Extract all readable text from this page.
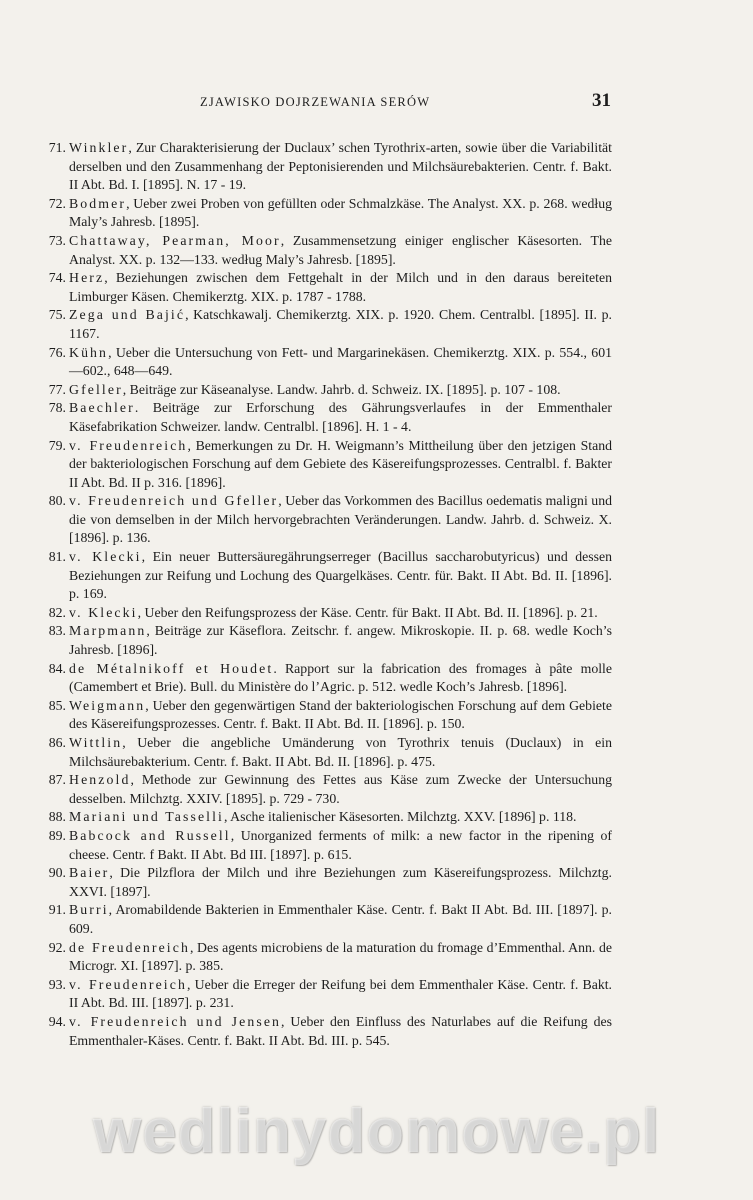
ZJAWISKO DOJRZEWANIA SERÓW	31
71. Winkler, Zur Charakterisierung der Duclaux’ schen Tyrothrix-arten, sowie über die Variabilität derselben und den Zusammenhang der Peptonisierenden und Milchsäurebakterien. Centr. f. Bakt. II Abt. Bd. I. [1895]. N. 17 - 19.
72. Bodmer, Ueber zwei Proben von gefüllten oder Schmalzkäse. The Analyst. XX. p. 268. według Maly’s Jahresb. [1895].
73. Chattaway, Pearman, Moor, Zusammensetzung einiger englischer Käsesorten. The Analyst. XX. p. 132—133. według Maly’s Jahresb. [1895].
74. Herz, Beziehungen zwischen dem Fettgehalt in der Milch und in den daraus bereiteten Limburger Käsen. Chemikerztg. XIX. p. 1787 - 1788.
75. Zega und Bajić, Katschkawalj. Chemikerztg. XIX. p. 1920. Chem. Centralbl. [1895]. II. p. 1167.
76. Kühn, Ueber die Untersuchung von Fett- und Margarinekäsen. Chemikerztg. XIX. p. 554., 601—602., 648—649.
77. Gfeller, Beiträge zur Käseanalyse. Landw. Jahrb. d. Schweiz. IX. [1895]. p. 107 - 108.
78. Baechler. Beiträge zur Erforschung des Gährungsverlaufes in der Emmenthaler Käsefabrikation Schweizer. landw. Centralbl. [1896]. H. 1 - 4.
79. v. Freudenreich, Bemerkungen zu Dr. H. Weigmann’s Mittheilung über den jetzigen Stand der bakteriologischen Forschung auf dem Gebiete des Käsereifungsprozesses. Centralbl. f. Bakter II Abt. Bd. II p. 316. [1896].
80. v. Freudenreich und Gfeller, Ueber das Vorkommen des Bacillus oedematis maligni und die von demselben in der Milch hervorgebrachten Veränderungen. Landw. Jahrb. d. Schweiz. X. [1896]. p. 136.
81. v. Klecki, Ein neuer Buttersäuregährungserreger (Bacillus saccharobutyricus) und dessen Beziehungen zur Reifung und Lochung des Quargelkäses. Centr. für. Bakt. II Abt. Bd. II. [1896]. p. 169.
82. v. Klecki, Ueber den Reifungsprozess der Käse. Centr. für Bakt. II Abt. Bd. II. [1896]. p. 21.
83. Marpmann, Beiträge zur Käseflora. Zeitschr. f. angew. Mikroskopie. II. p. 68. wedle Koch’s Jahresb. [1896].
84. de Métalnikoff et Houdet. Rapport sur la fabrication des fromages à pâte molle (Camembert et Brie). Bull. du Ministère do l’Agric. p. 512. wedle Koch’s Jahresb. [1896].
85. Weigmann, Ueber den gegenwärtigen Stand der bakteriologischen Forschung auf dem Gebiete des Käsereifungsprozesses. Centr. f. Bakt. II Abt. Bd. II. [1896]. p. 150.
86. Wittlin, Ueber die angebliche Umänderung von Tyrothrix tenuis (Duclaux) in ein Milchsäurebakterium. Centr. f. Bakt. II Abt. Bd. II. [1896]. p. 475.
87. Henzold, Methode zur Gewinnung des Fettes aus Käse zum Zwecke der Untersuchung desselben. Milchztg. XXIV. [1895]. p. 729 - 730.
88. Mariani und Tasselli, Asche italienischer Käsesorten. Milchztg. XXV. [1896] p. 118.
89. Babcock and Russell, Unorganized ferments of milk: a new factor in the ripening of cheese. Centr. f Bakt. II Abt. Bd III. [1897]. p. 615.
90. Baier, Die Pilzflora der Milch und ihre Beziehungen zum Käsereifungsprozess. Milchztg. XXVI. [1897].
91. Burri, Aromabildende Bakterien in Emmenthaler Käse. Centr. f. Bakt II Abt. Bd. III. [1897]. p. 609.
92. de Freudenreich, Des agents microbiens de la maturation du fromage d’Emmenthal. Ann. de Microgr. XI. [1897]. p. 385.
93. v. Freudenreich, Ueber die Erreger der Reifung bei dem Emmenthaler Käse. Centr. f. Bakt. II Abt. Bd. III. [1897]. p. 231.
94. v. Freudenreich und Jensen, Ueber den Einfluss des Naturlabes auf die Reifung des Emmenthaler-Käses. Centr. f. Bakt. II Abt. Bd. III. p. 545.
wedlinydomowe.pl
